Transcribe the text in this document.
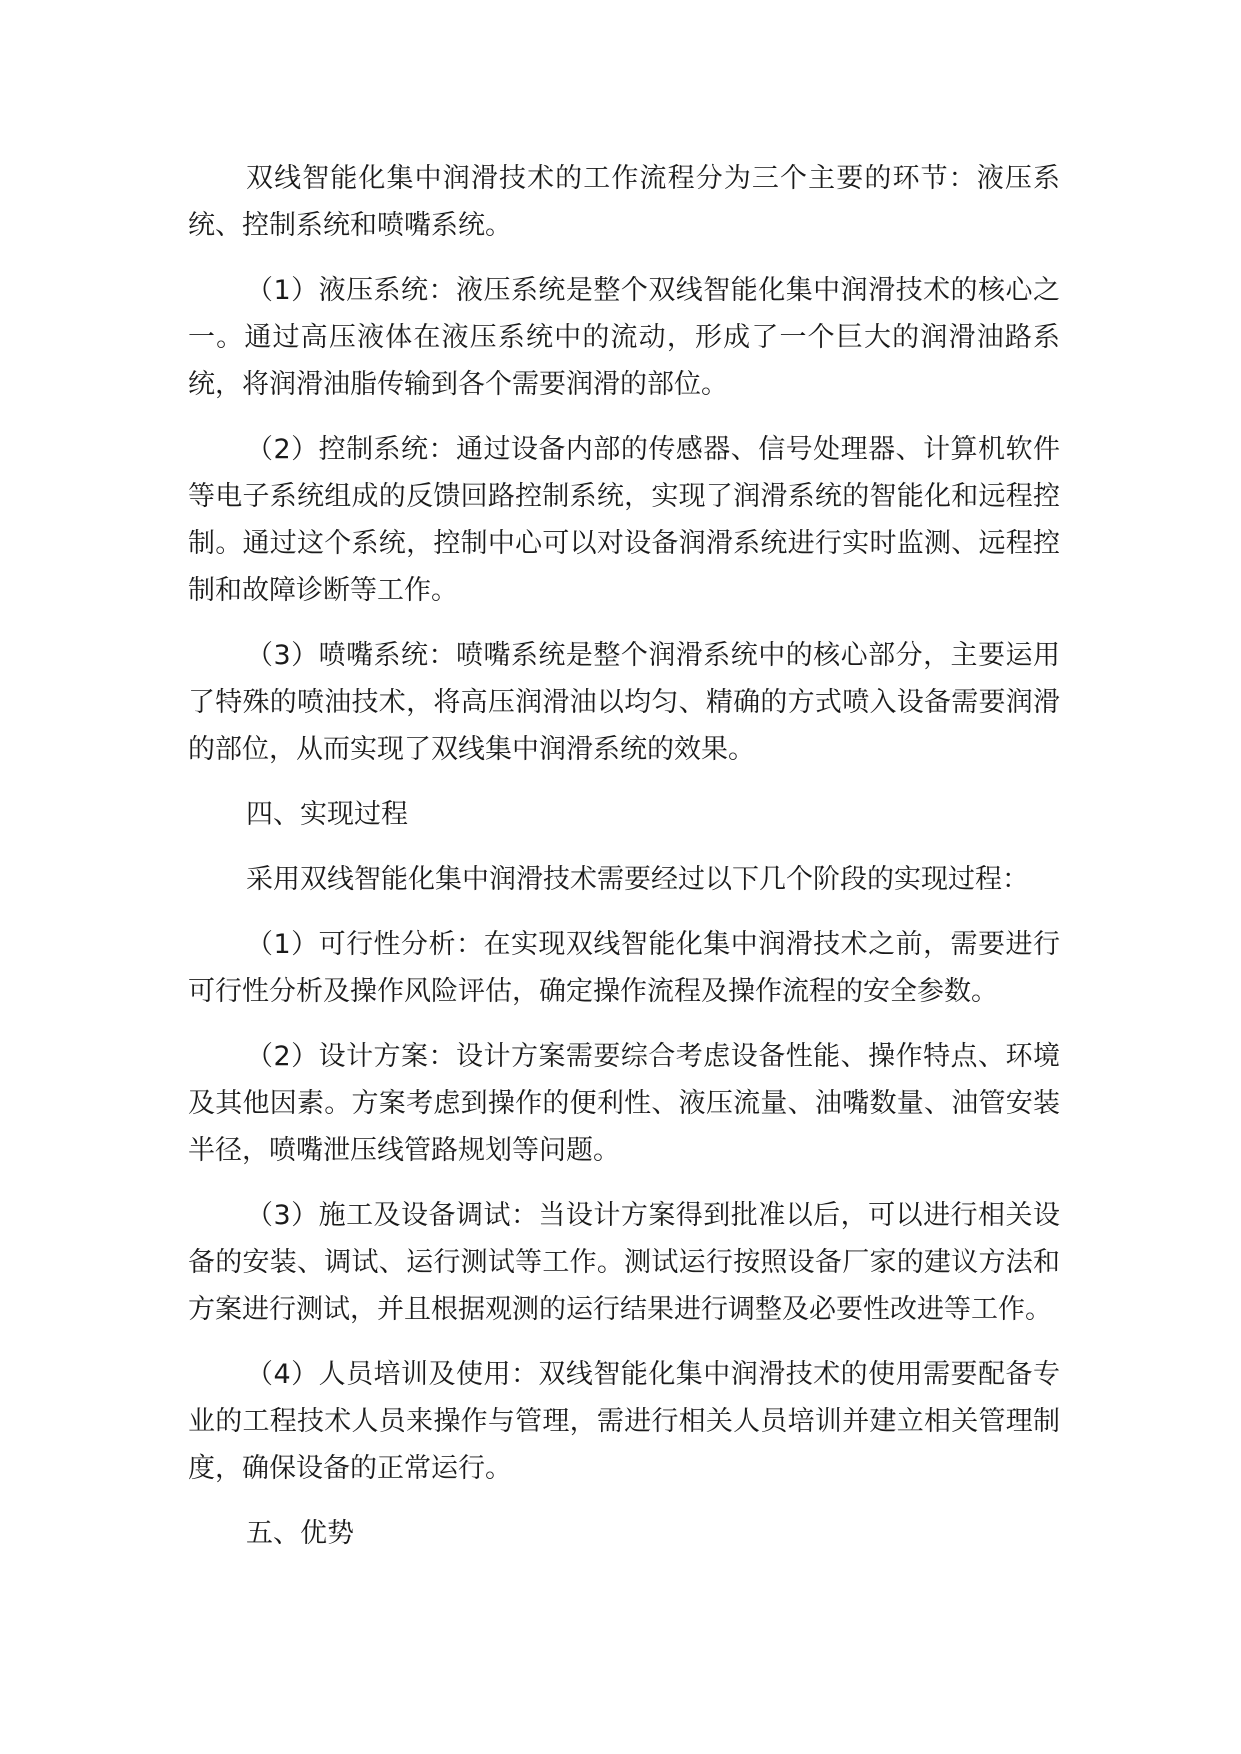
双线智能化集中润滑技术的工作流程分为三个主要的环节：液压系统、控制系统和喷嘴系统。

（1）液压系统：液压系统是整个双线智能化集中润滑技术的核心之一。通过高压液体在液压系统中的流动，形成了一个巨大的润滑油路系统，将润滑油脂传输到各个需要润滑的部位。

（2）控制系统：通过设备内部的传感器、信号处理器、计算机软件等电子系统组成的反馈回路控制系统，实现了润滑系统的智能化和远程控制。通过这个系统，控制中心可以对设备润滑系统进行实时监测、远程控制和故障诊断等工作。

（3）喷嘴系统：喷嘴系统是整个润滑系统中的核心部分，主要运用了特殊的喷油技术，将高压润滑油以均匀、精确的方式喷入设备需要润滑的部位，从而实现了双线集中润滑系统的效果。

四、实现过程

采用双线智能化集中润滑技术需要经过以下几个阶段的实现过程：

（1）可行性分析：在实现双线智能化集中润滑技术之前，需要进行可行性分析及操作风险评估，确定操作流程及操作流程的安全参数。

（2）设计方案：设计方案需要综合考虑设备性能、操作特点、环境及其他因素。方案考虑到操作的便利性、液压流量、油嘴数量、油管安装半径，喷嘴泄压线管路规划等问题。

（3）施工及设备调试：当设计方案得到批准以后，可以进行相关设备的安装、调试、运行测试等工作。测试运行按照设备厂家的建议方法和方案进行测试，并且根据观测的运行结果进行调整及必要性改进等工作。

（4）人员培训及使用：双线智能化集中润滑技术的使用需要配备专业的工程技术人员来操作与管理，需进行相关人员培训并建立相关管理制度，确保设备的正常运行。

五、优势
